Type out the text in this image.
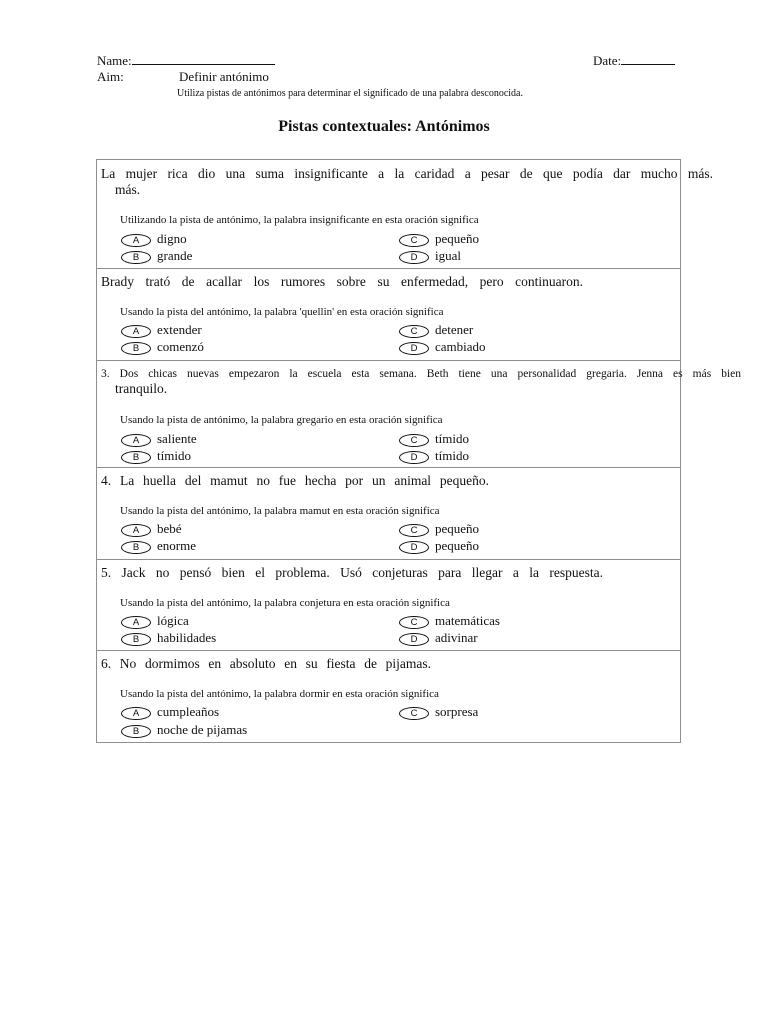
Name:	Date:
Aim:	Definir antónimo
Utiliza pistas de antónimos para determinar el significado de una palabra desconocida.
Pistas contextuales: Antónimos
La mujer rica dio una suma insignificante a la caridad a pesar de que podía dar mucho más.
más.
Utilizando la pista de antónimo, la palabra insignificante en esta oración significa
A digno
B grande
C pequeño
D igual
Brady trató de acallar los rumores sobre su enfermedad, pero continuaron.
Usando la pista del antónimo, la palabra 'quellin' en esta oración significa
A extender
B comenzó
C detener
D cambiado
3. Dos chicas nuevas empezaron la escuela esta semana. Beth tiene una personalidad gregaria. Jenna es más bien
tranquilo.
Usando la pista de antónimo, la palabra gregario en esta oración significa
A saliente
B tímido
C tímido
D tímido
4. La huella del mamut no fue hecha por un animal pequeño.
Usando la pista del antónimo, la palabra mamut en esta oración significa
A bebé
B enorme
C pequeño
D pequeño
5. Jack no pensó bien el problema. Usó conjeturas para llegar a la respuesta.
Usando la pista del antónimo, la palabra conjetura en esta oración significa
A lógica
B habilidades
C matemáticas
D adivinar
6. No dormimos en absoluto en su fiesta de pijamas.
Usando la pista del antónimo, la palabra dormir en esta oración significa
A cumpleaños
B noche de pijamas
C sorpresa
